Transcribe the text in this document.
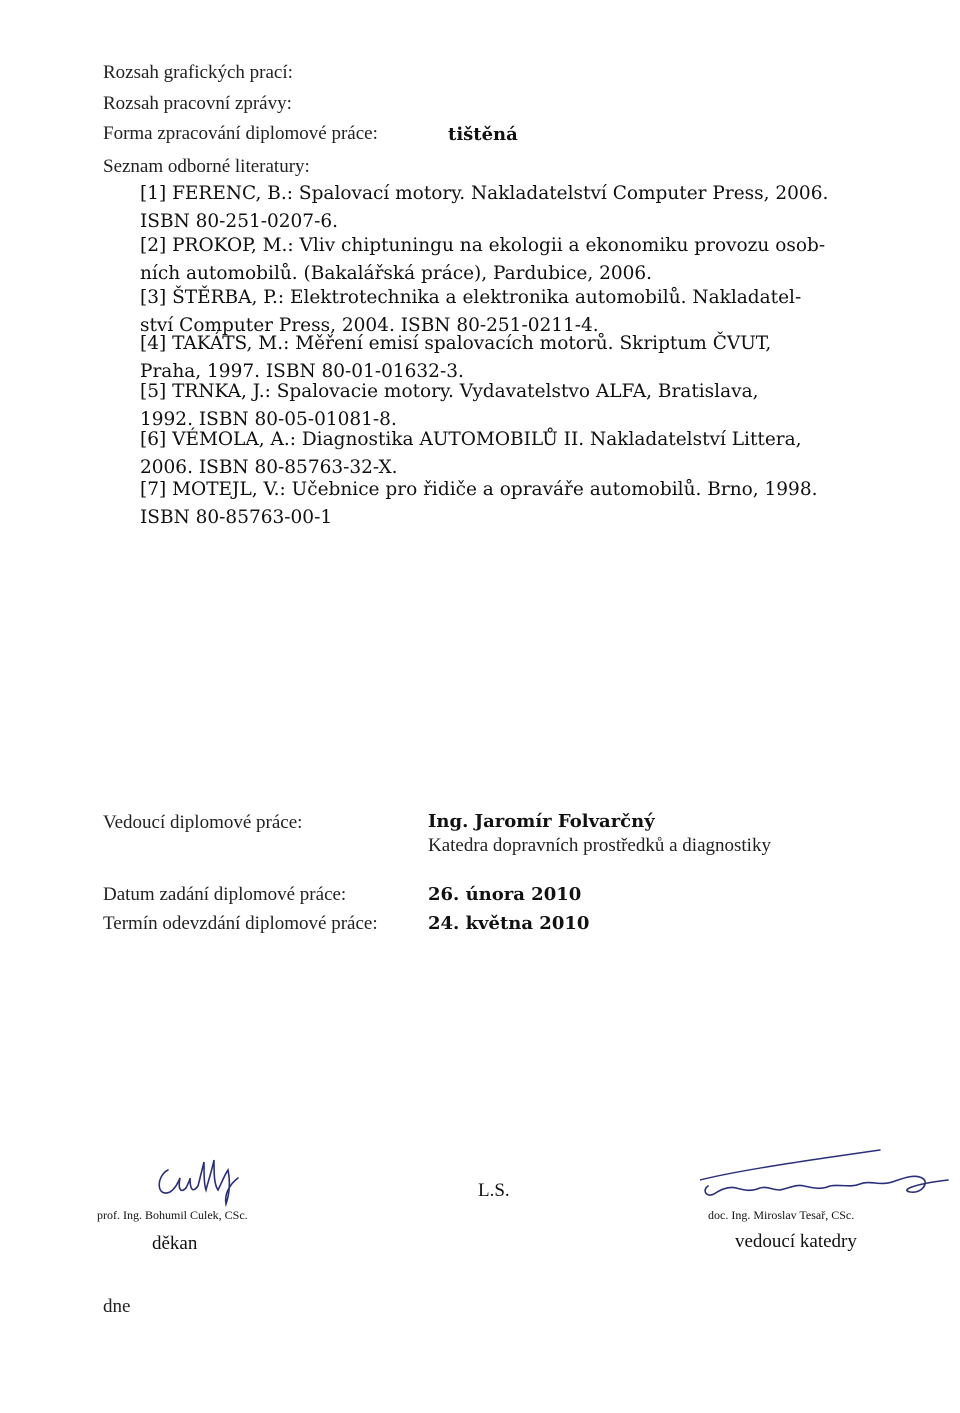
Rozsah grafických prací:
Rozsah pracovní zprávy:
Forma zpracování diplomové práce:	tištěná
Seznam odborné literatury:
[1] FERENC, B.: Spalovací motory. Nakladatelství Computer Press, 2006.
ISBN 80-251-0207-6.
[2] PROKOP, M.: Vliv chiptuningu na ekologii a ekonomiku provozu osob-
ních automobilů. (Bakalářská práce), Pardubice, 2006.
[3] ŠTĚRBA, P.: Elektrotechnika a elektronika automobilů. Nakladatel-
ství Computer Press, 2004. ISBN 80-251-0211-4.
[4] TAKÁTS, M.: Měření emisí spalovacích motorů. Skriptum ČVUT,
Praha, 1997. ISBN 80-01-01632-3.
[5] TRNKA, J.: Spalovacie motory. Vydavatelstvo ALFA, Bratislava,
1992. ISBN 80-05-01081-8.
[6] VÉMOLA, A.: Diagnostika AUTOMOBILŮ II. Nakladatelství Littera,
2006. ISBN 80-85763-32-X.
[7] MOTEJL, V.: Učebnice pro řidiče a opraváře automobilů. Brno, 1998.
ISBN 80-85763-00-1
Vedoucí diplomové práce:	Ing. Jaromír Folvarčný
Katedra dopravních prostředků a diagnostiky
Datum zadání diplomové práce:	26. února 2010
Termín odevzdání diplomové práce:	24. května 2010
prof. Ing. Bohumil Culek, CSc.
děkan
L.S.
doc. Ing. Miroslav Tesař, CSc.
vedoucí katedry
dne
